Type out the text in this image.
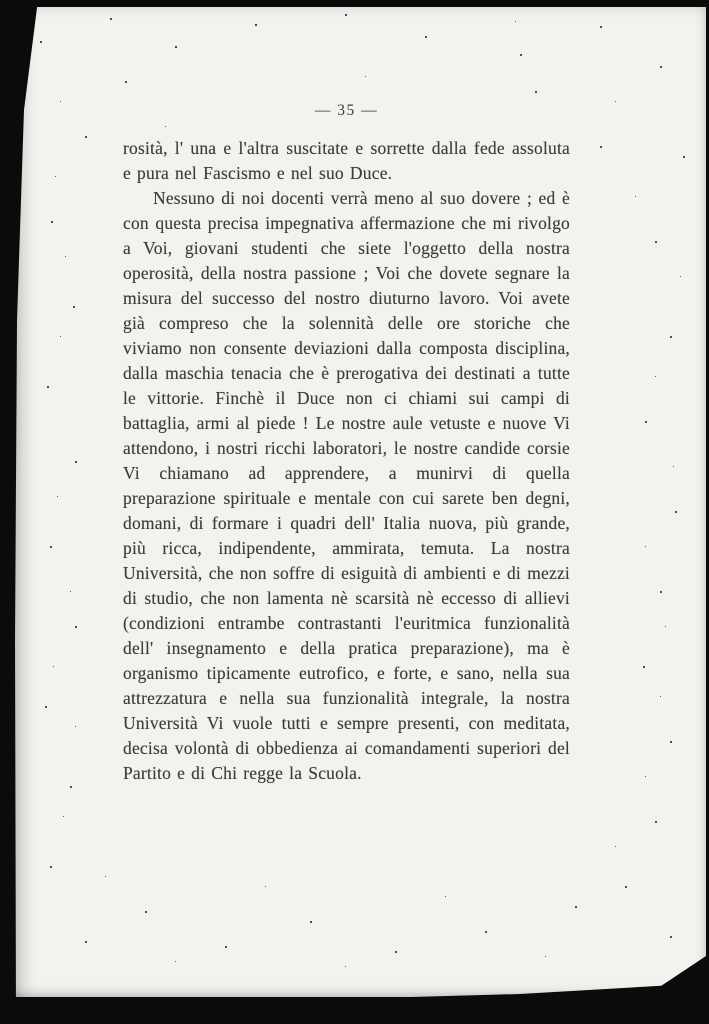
— 35 —

rosità, l' una e l'altra suscitate e sorrette dalla fede assoluta e pura nel Fascismo e nel suo Duce.

Nessuno di noi docenti verrà meno al suo dovere ; ed è con questa precisa impegnativa affermazione che mi rivolgo a Voi, giovani studenti che siete l'oggetto della nostra operosità, della nostra passione ; Voi che dovete segnare la misura del successo del nostro diuturno lavoro. Voi avete già compreso che la solennità delle ore storiche che viviamo non consente deviazioni dalla composta disciplina, dalla maschia tenacia che è prerogativa dei destinati a tutte le vittorie. Finchè il Duce non ci chiami sui campi di battaglia, armi al piede ! Le nostre aule vetuste e nuove Vi attendono, i nostri ricchi laboratori, le nostre candide corsie Vi chiamano ad apprendere, a munirvi di quella preparazione spirituale e mentale con cui sarete ben degni, domani, di formare i quadri dell' Italia nuova, più grande, più ricca, indipendente, ammirata, temuta. La nostra Università, che non soffre di esiguità di ambienti e di mezzi di studio, che non lamenta nè scarsità nè eccesso di allievi (condizioni entrambe contrastanti l'euritmica funzionalità dell' insegnamento e della pratica preparazione), ma è organismo tipicamente eutrofico, e forte, e sano, nella sua attrezzatura e nella sua funzionalità integrale, la nostra Università Vi vuole tutti e sempre presenti, con meditata, decisa volontà di obbedienza ai comandamenti superiori del Partito e di Chi regge la Scuola.
